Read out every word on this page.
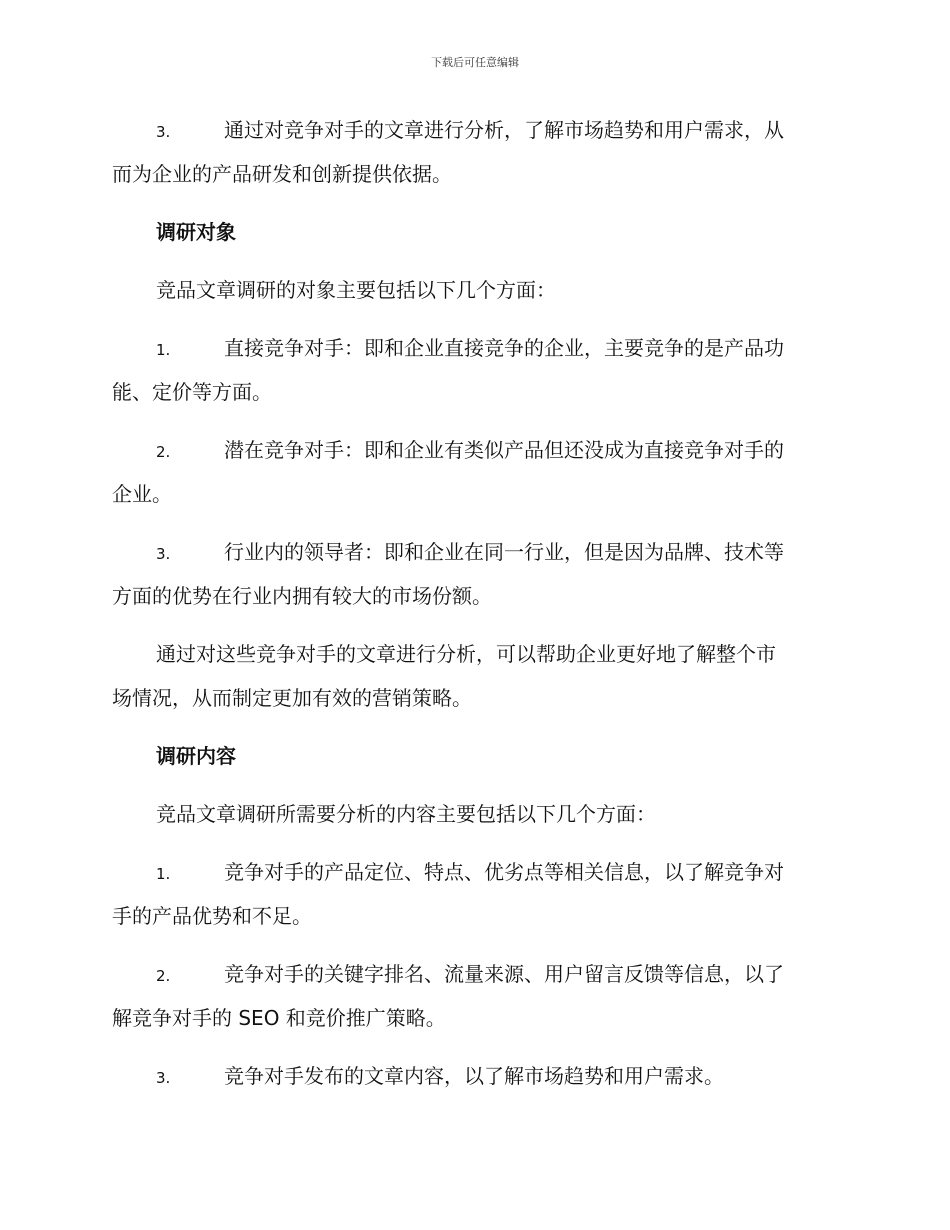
下载后可任意编辑
3.	通过对竞争对手的文章进行分析，了解市场趋势和用户需求，从
而为企业的产品研发和创新提供依据。
调研对象
竞品文章调研的对象主要包括以下几个方面：
1.	直接竞争对手：即和企业直接竞争的企业，主要竞争的是产品功
能、定价等方面。
2.	潜在竞争对手：即和企业有类似产品但还没成为直接竞争对手的
企业。
3.	行业内的领导者：即和企业在同一行业，但是因为品牌、技术等
方面的优势在行业内拥有较大的市场份额。
通过对这些竞争对手的文章进行分析，可以帮助企业更好地了解整个市
场情况，从而制定更加有效的营销策略。
调研内容
竞品文章调研所需要分析的内容主要包括以下几个方面：
1.	竞争对手的产品定位、特点、优劣点等相关信息，以了解竞争对
手的产品优势和不足。
2.	竞争对手的关键字排名、流量来源、用户留言反馈等信息，以了
解竞争对手的 SEO 和竞价推广策略。
3.	竞争对手发布的文章内容，以了解市场趋势和用户需求。
